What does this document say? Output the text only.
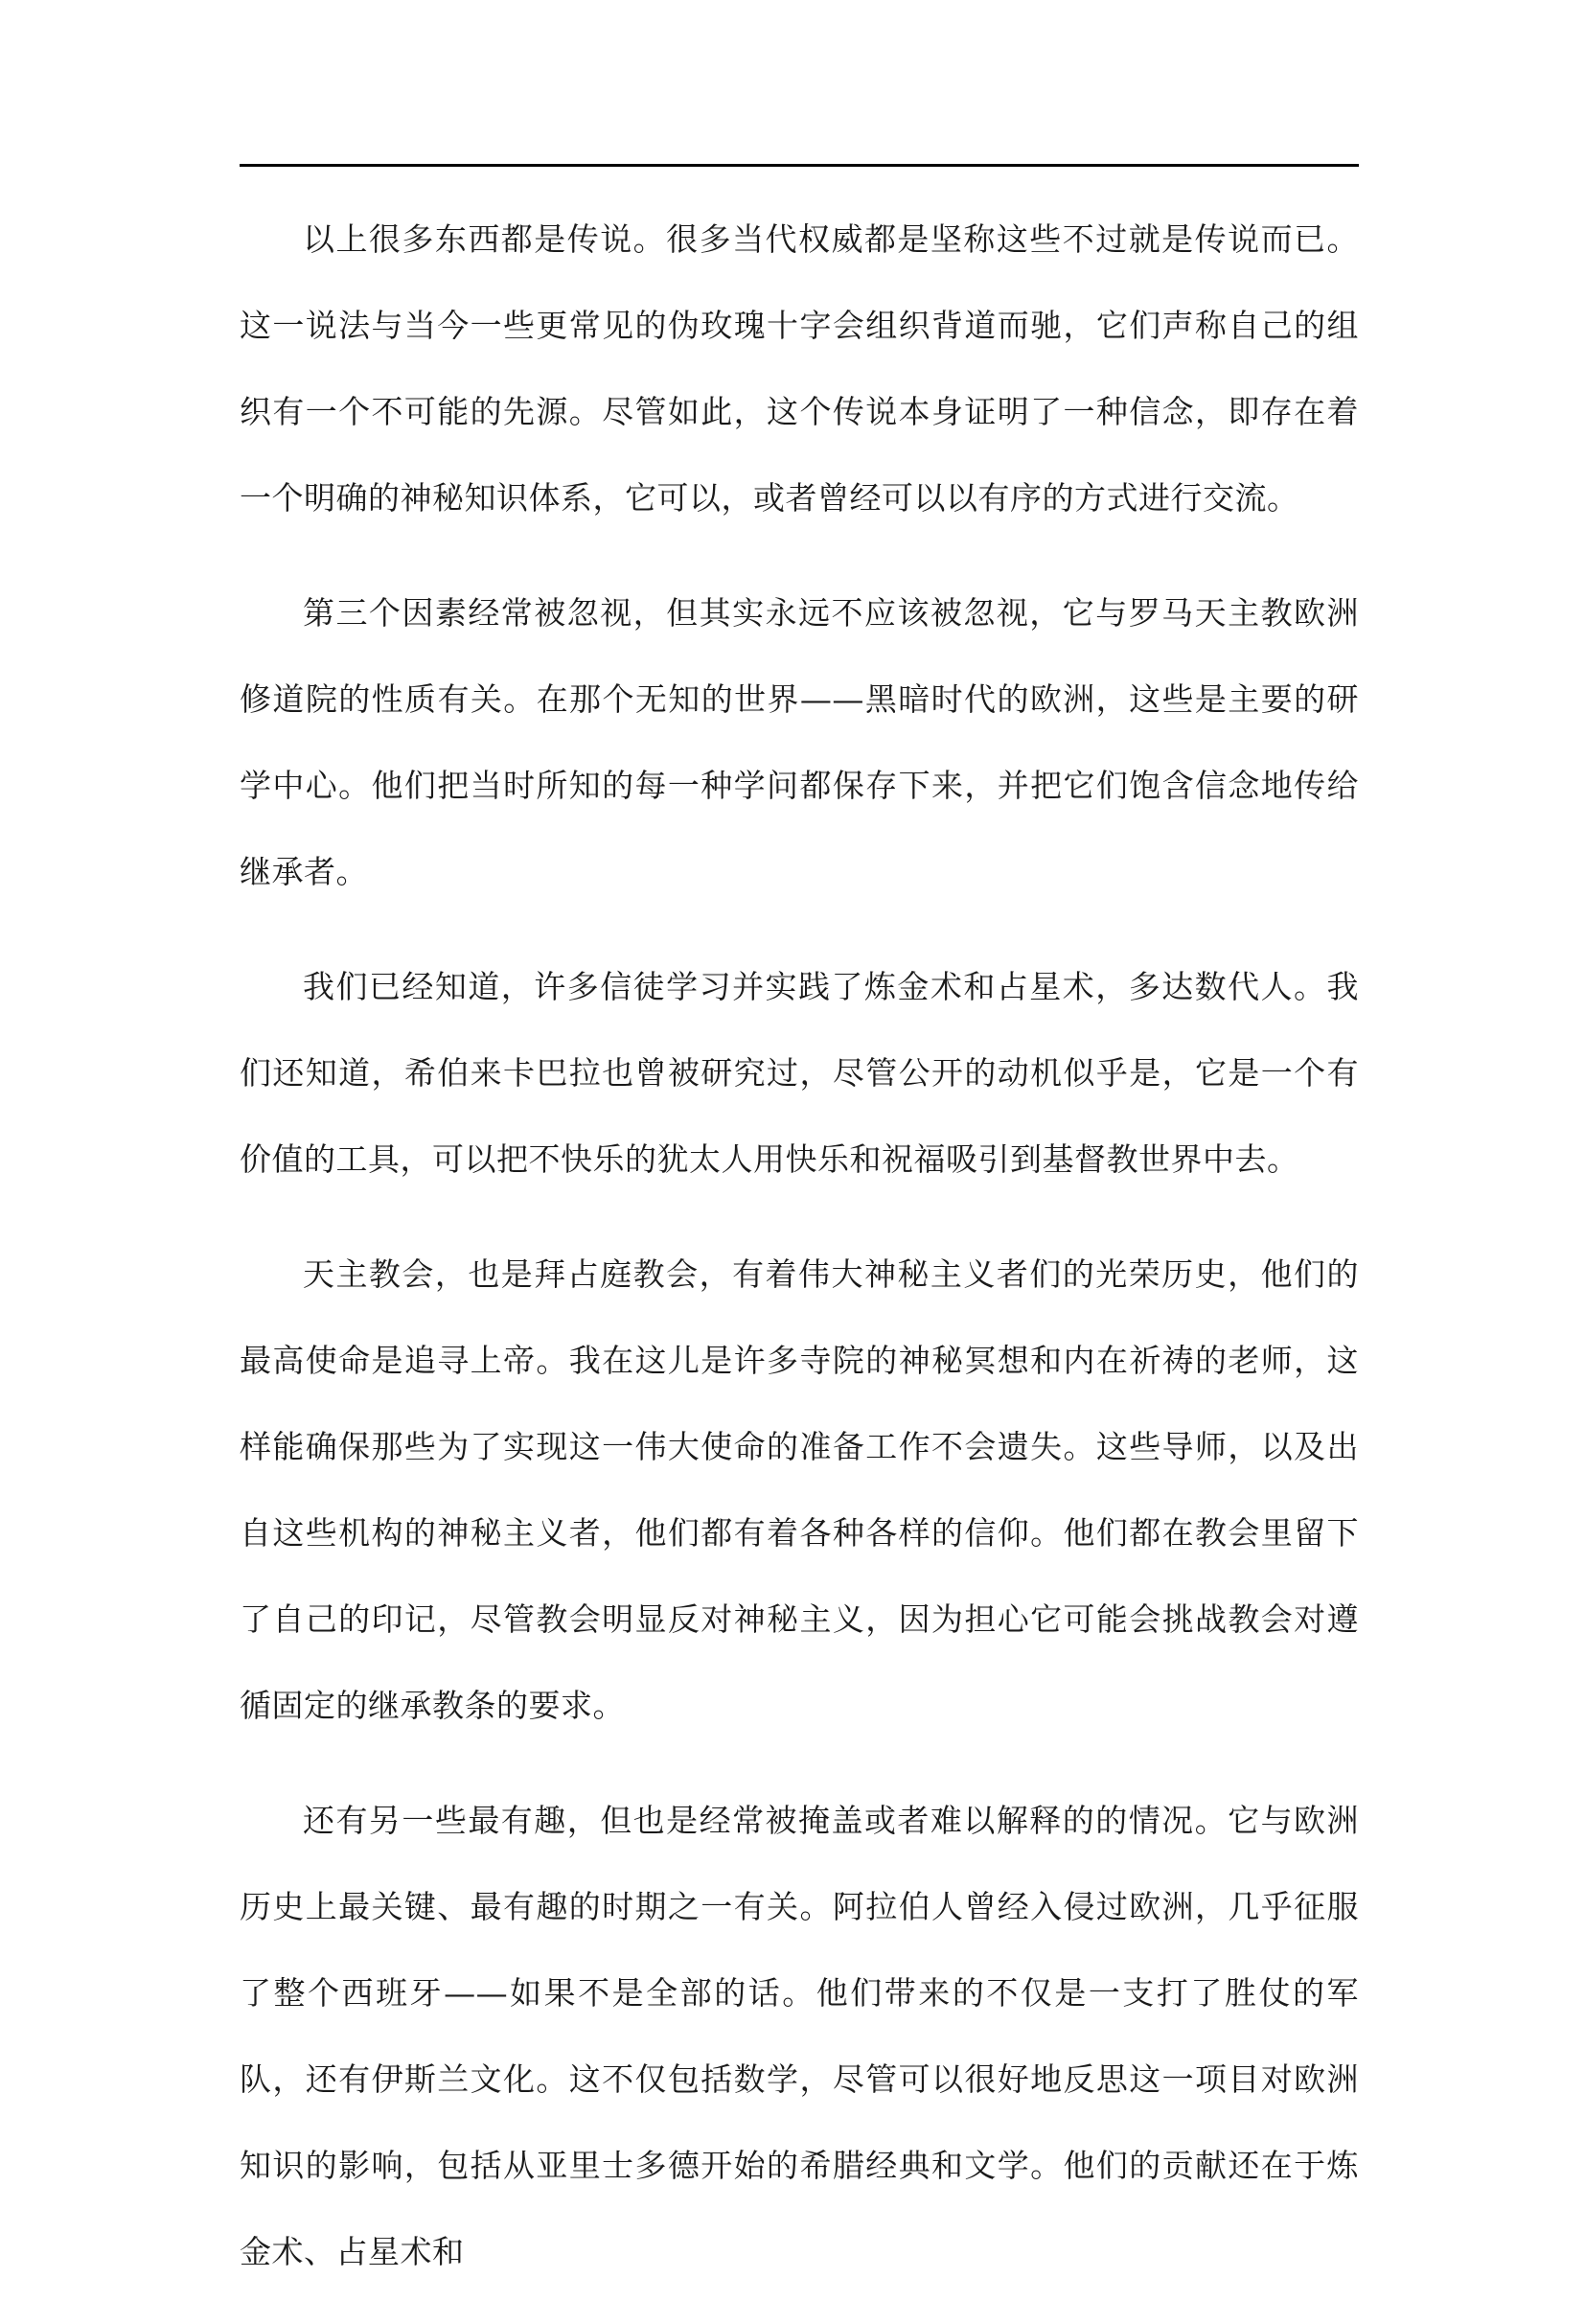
以上很多东西都是传说。很多当代权威都是坚称这些不过就是传说而已。这一说法与当今一些更常见的伪玫瑰十字会组织背道而驰，它们声称自己的组织有一个不可能的先源。尽管如此，这个传说本身证明了一种信念，即存在着一个明确的神秘知识体系，它可以，或者曾经可以以有序的方式进行交流。

第三个因素经常被忽视，但其实永远不应该被忽视，它与罗马天主教欧洲修道院的性质有关。在那个无知的世界——黑暗时代的欧洲，这些是主要的研学中心。他们把当时所知的每一种学问都保存下来，并把它们饱含信念地传给继承者。

我们已经知道，许多信徒学习并实践了炼金术和占星术，多达数代人。我们还知道，希伯来卡巴拉也曾被研究过，尽管公开的动机似乎是，它是一个有价值的工具，可以把不快乐的犹太人用快乐和祝福吸引到基督教世界中去。

天主教会，也是拜占庭教会，有着伟大神秘主义者们的光荣历史，他们的最高使命是追寻上帝。我在这儿是许多寺院的神秘冥想和内在祈祷的老师，这样能确保那些为了实现这一伟大使命的准备工作不会遗失。这些导师，以及出自这些机构的神秘主义者，他们都有着各种各样的信仰。他们都在教会里留下了自己的印记，尽管教会明显反对神秘主义，因为担心它可能会挑战教会对遵循固定的继承教条的要求。

还有另一些最有趣，但也是经常被掩盖或者难以解释的的情况。它与欧洲历史上最关键、最有趣的时期之一有关。阿拉伯人曾经入侵过欧洲，几乎征服了整个西班牙——如果不是全部的话。他们带来的不仅是一支打了胜仗的军队，还有伊斯兰文化。这不仅包括数学，尽管可以很好地反思这一项目对欧洲知识的影响，包括从亚里士多德开始的希腊经典和文学。他们的贡献还在于炼金术、占星术和
